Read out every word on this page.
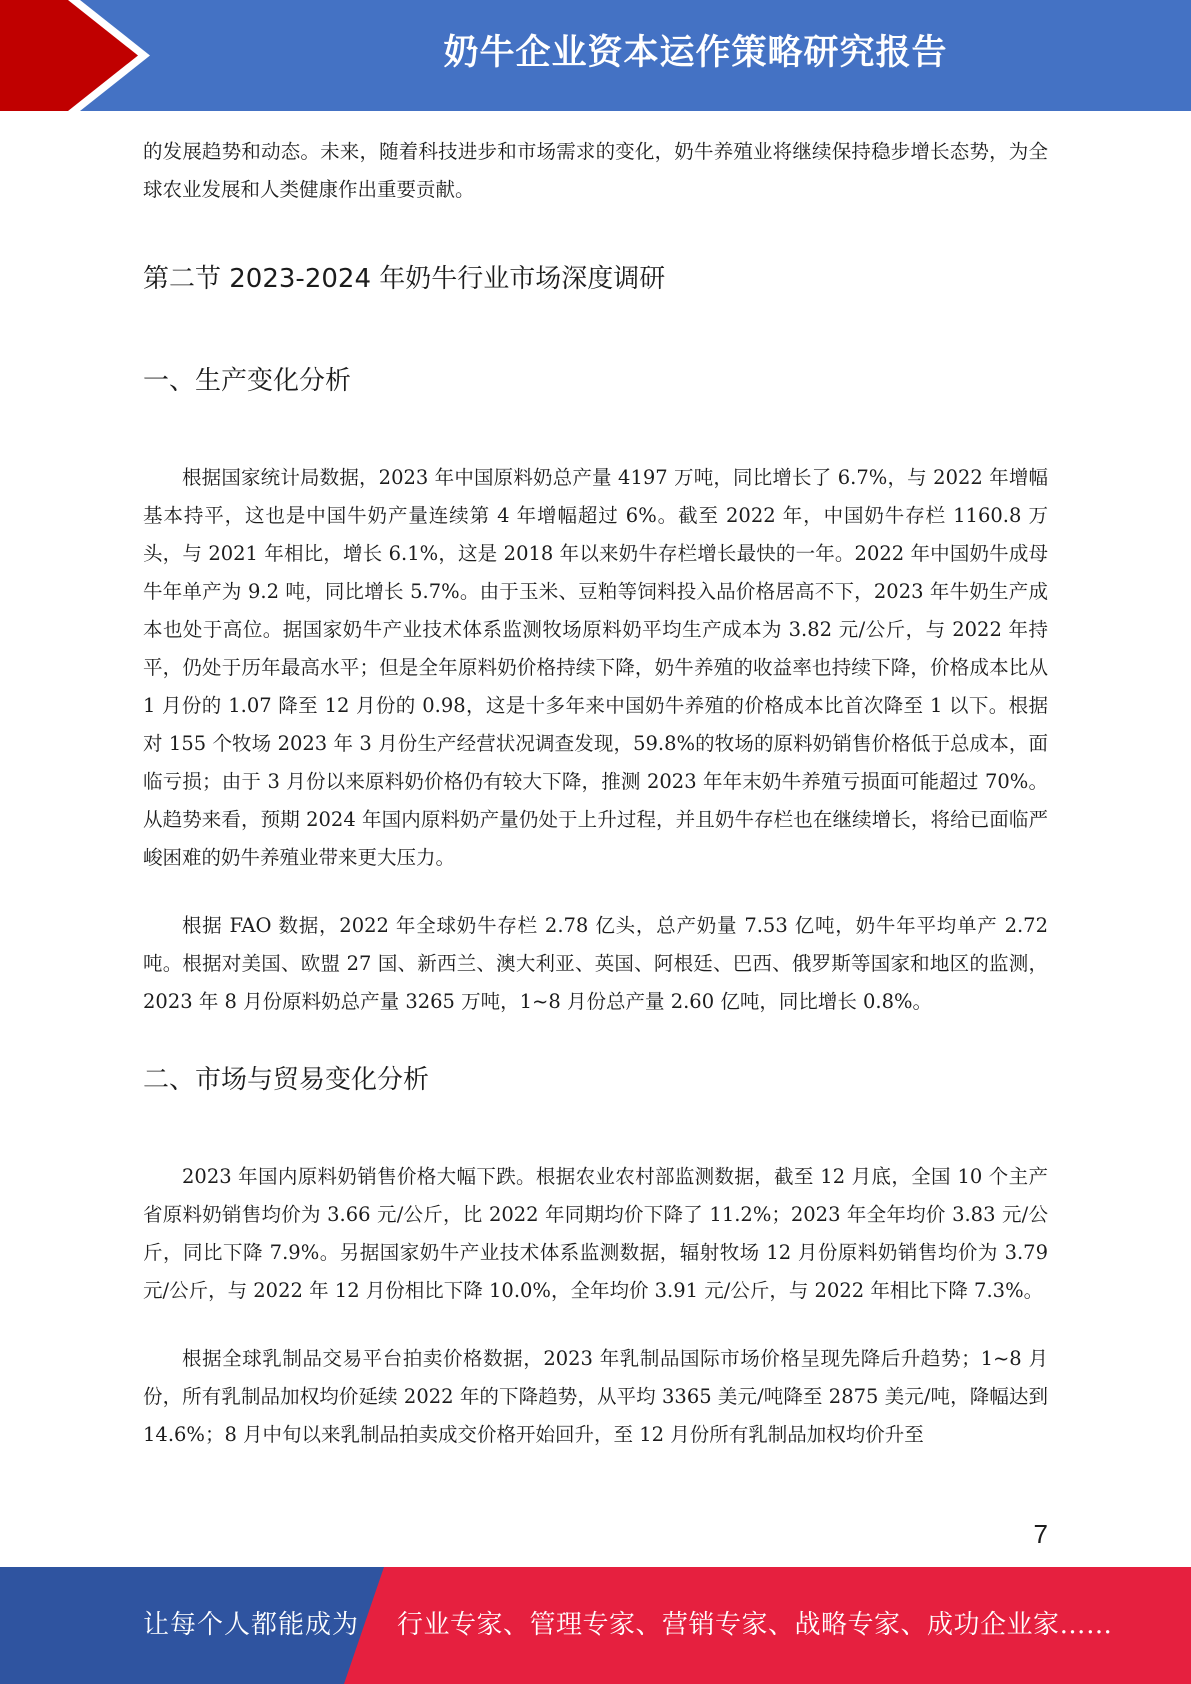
奶牛企业资本运作策略研究报告

的发展趋势和动态。未来，随着科技进步和市场需求的变化，奶牛养殖业将继续保持稳步增长态势，为全球农业发展和人类健康作出重要贡献。

第二节 2023-2024 年奶牛行业市场深度调研
一、生产变化分析

根据国家统计局数据，2023 年中国原料奶总产量 4197 万吨，同比增长了 6.7%，与 2022 年增幅基本持平，这也是中国牛奶产量连续第 4 年增幅超过 6%。截至 2022 年，中国奶牛存栏 1160.8 万头，与 2021 年相比，增长 6.1%，这是 2018 年以来奶牛存栏增长最快的一年。2022 年中国奶牛成母牛年单产为 9.2 吨，同比增长 5.7%。由于玉米、豆粕等饲料投入品价格居高不下，2023 年牛奶生产成本也处于高位。据国家奶牛产业技术体系监测牧场原料奶平均生产成本为 3.82 元/公斤，与 2022 年持平，仍处于历年最高水平；但是全年原料奶价格持续下降，奶牛养殖的收益率也持续下降，价格成本比从 1 月份的 1.07 降至 12 月份的 0.98，这是十多年来中国奶牛养殖的价格成本比首次降至 1 以下。根据对 155 个牧场 2023 年 3 月份生产经营状况调查发现，59.8%的牧场的原料奶销售价格低于总成本，面临亏损；由于 3 月份以来原料奶价格仍有较大下降，推测 2023 年年末奶牛养殖亏损面可能超过 70%。从趋势来看，预期 2024 年国内原料奶产量仍处于上升过程，并且奶牛存栏也在继续增长，将给已面临严峻困难的奶牛养殖业带来更大压力。

根据 FAO 数据，2022 年全球奶牛存栏 2.78 亿头，总产奶量 7.53 亿吨，奶牛年平均单产 2.72 吨。根据对美国、欧盟 27 国、新西兰、澳大利亚、英国、阿根廷、巴西、俄罗斯等国家和地区的监测，2023 年 8 月份原料奶总产量 3265 万吨，1~8 月份总产量 2.60 亿吨，同比增长 0.8%。

二、市场与贸易变化分析

2023 年国内原料奶销售价格大幅下跌。根据农业农村部监测数据，截至 12 月底，全国 10 个主产省原料奶销售均价为 3.66 元/公斤，比 2022 年同期均价下降了 11.2%；2023 年全年均价 3.83 元/公斤，同比下降 7.9%。另据国家奶牛产业技术体系监测数据，辐射牧场 12 月份原料奶销售均价为 3.79 元/公斤，与 2022 年 12 月份相比下降 10.0%，全年均价 3.91 元/公斤，与 2022 年相比下降 7.3%。

根据全球乳制品交易平台拍卖价格数据，2023 年乳制品国际市场价格呈现先降后升趋势；1~8 月份，所有乳制品加权均价延续 2022 年的下降趋势，从平均 3365 美元/吨降至 2875 美元/吨，降幅达到 14.6%；8 月中旬以来乳制品拍卖成交价格开始回升，至 12 月份所有乳制品加权均价升至

7
让每个人都能成为 行业专家、管理专家、营销专家、战略专家、成功企业家……
